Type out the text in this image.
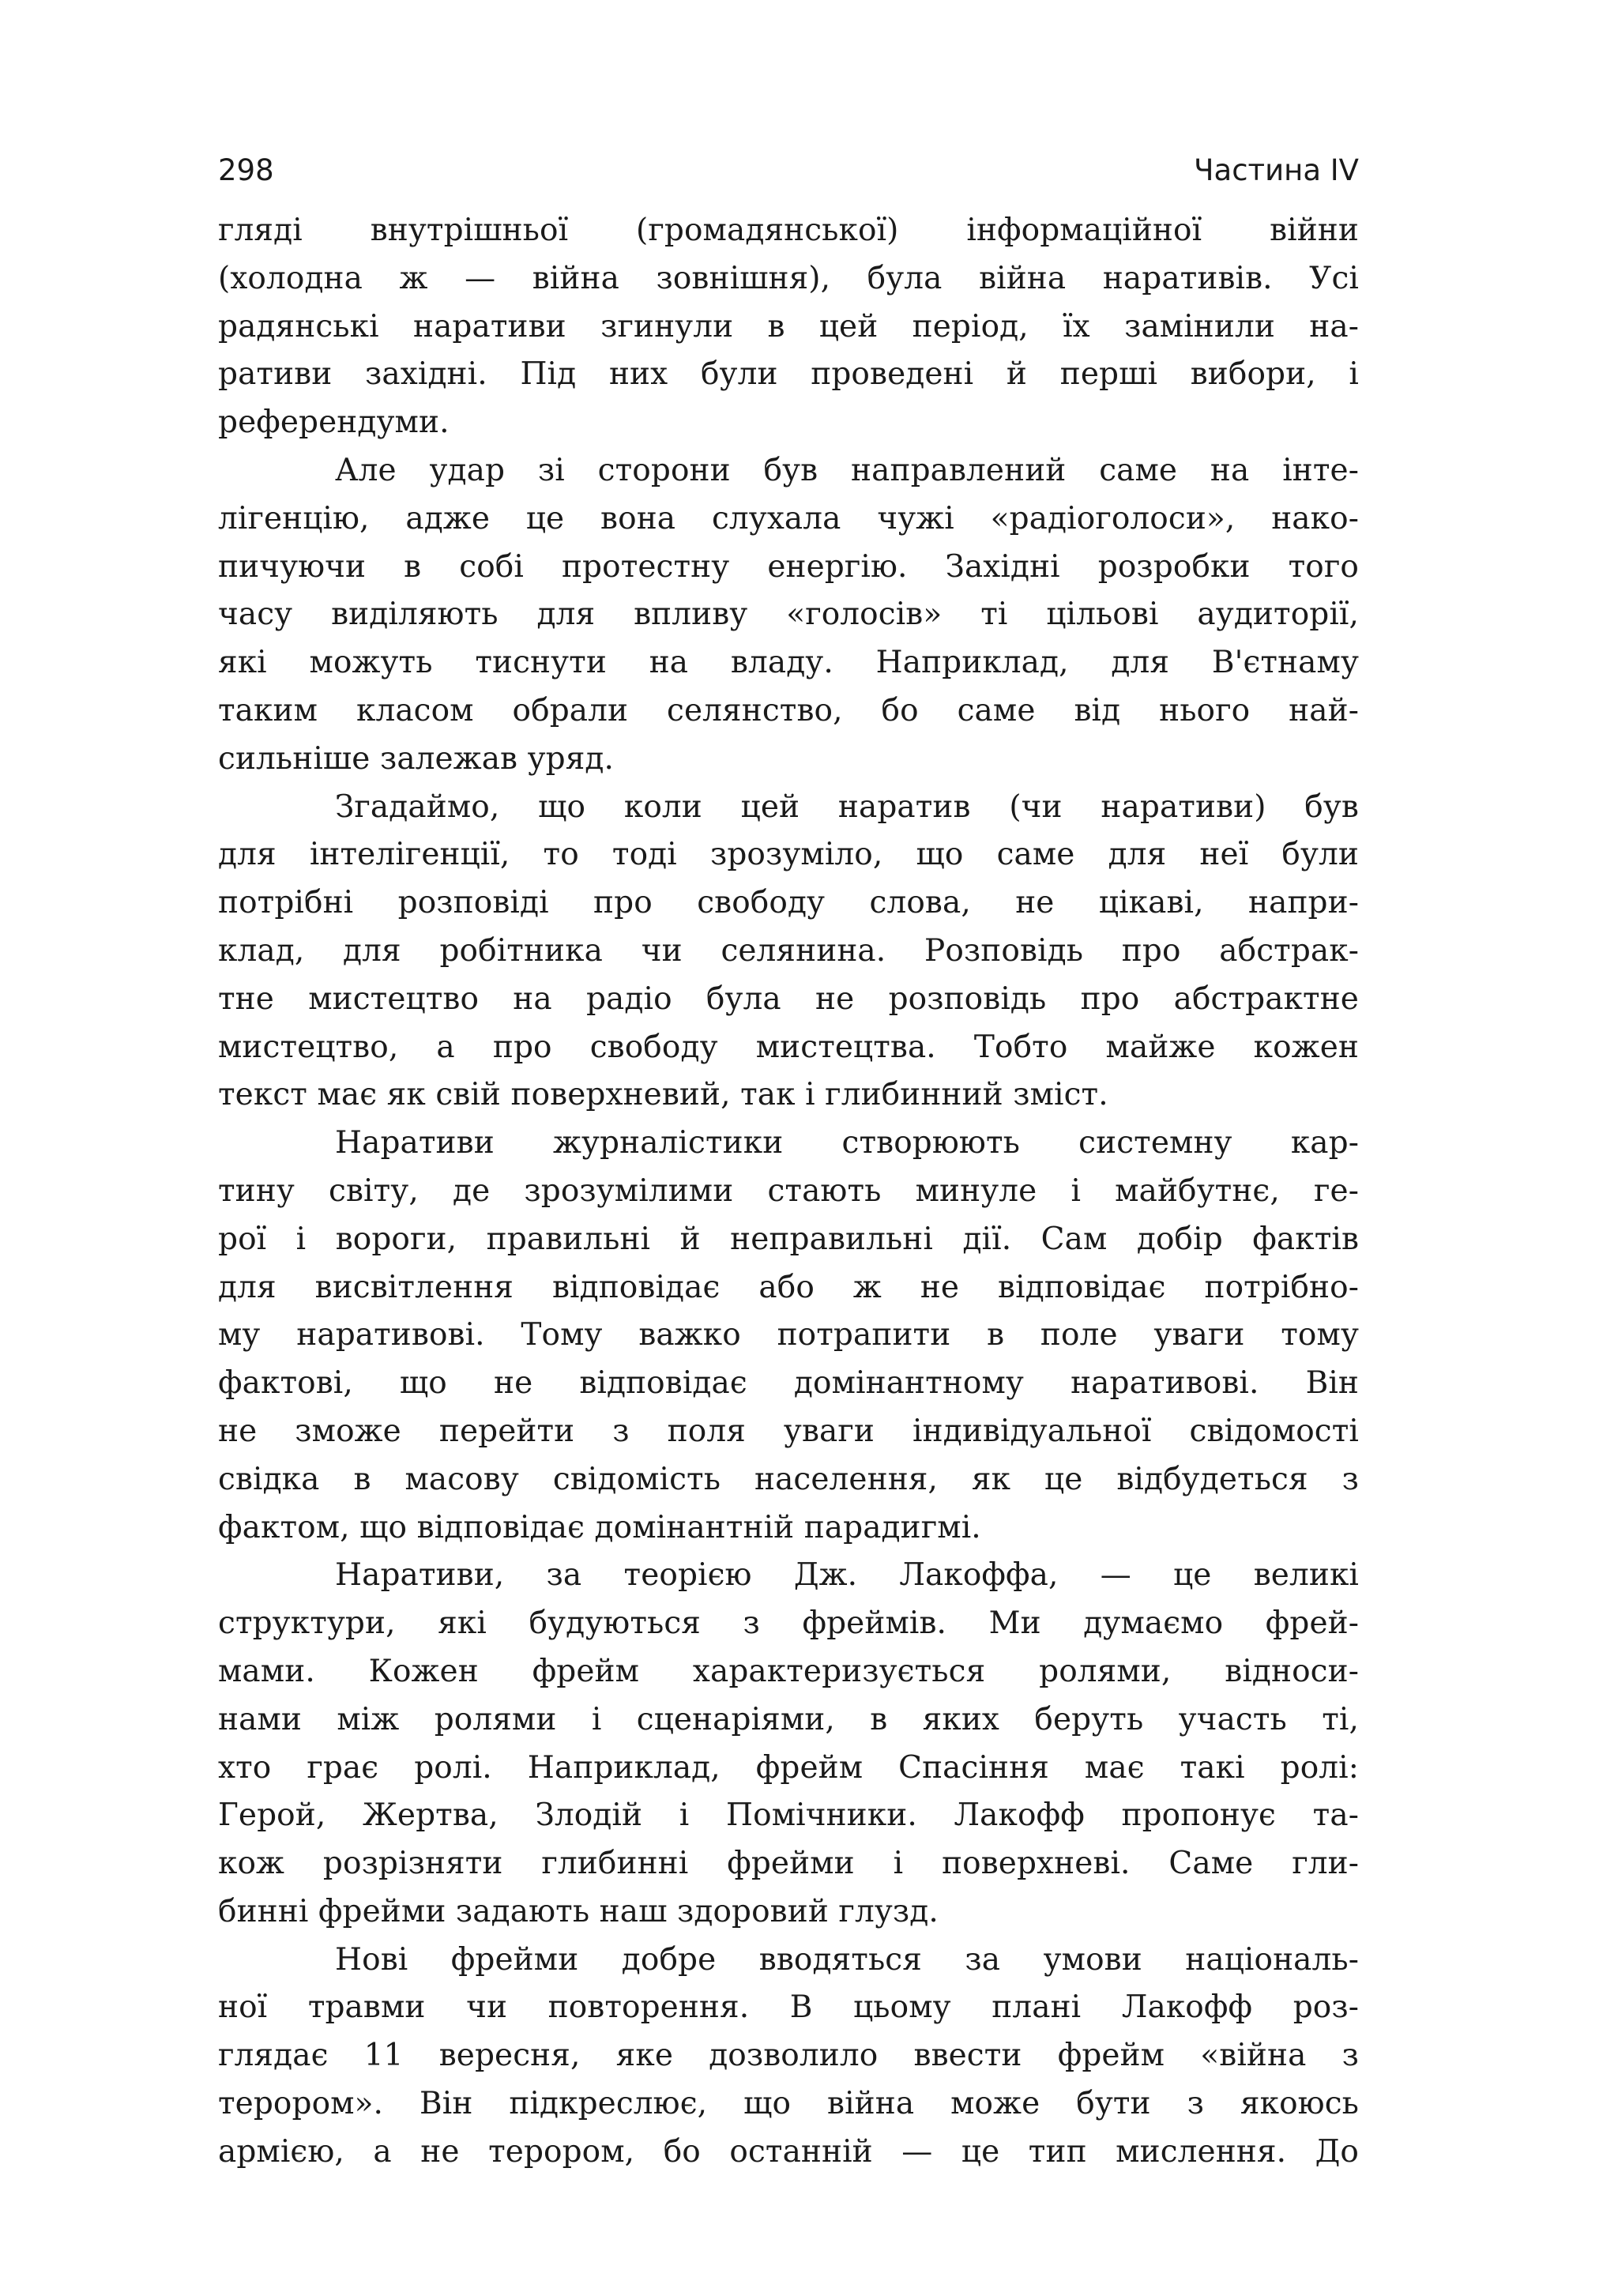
298	Частина IV
гляді внутрішньої (громадянської) інформаційної війни
(холодна ж — війна зовнішня), була війна наративів. Усі
радянські наративи згинули в цей період, їх замінили на-
ративи західні. Під них були проведені й перші вибори, і
референдуми.
Але удар зі сторони був направлений саме на інте-
лігенцію, адже це вона слухала чужі «радіоголоси», нако-
пичуючи в собі протестну енергію. Західні розробки того
часу виділяють для впливу «голосів» ті цільові аудиторії,
які можуть тиснути на владу. Наприклад, для В'єтнаму
таким класом обрали селянство, бо саме від нього най-
сильніше залежав уряд.
Згадаймо, що коли цей наратив (чи наративи) був
для інтелігенції, то тоді зрозуміло, що саме для неї були
потрібні розповіді про свободу слова, не цікаві, напри-
клад, для робітника чи селянина. Розповідь про абстрак-
тне мистецтво на радіо була не розповідь про абстрактне
мистецтво, а про свободу мистецтва. Тобто майже кожен
текст має як свій поверхневий, так і глибинний зміст.
Наративи журналістики створюють системну кар-
тину світу, де зрозумілими стають минуле і майбутнє, ге-
рої і вороги, правильні й неправильні дії. Сам добір фактів
для висвітлення відповідає або ж не відповідає потрібно-
му наративові. Тому важко потрапити в поле уваги тому
фактові, що не відповідає домінантному наративові. Він
не зможе перейти з поля уваги індивідуальної свідомості
свідка в масову свідомість населення, як це відбудеться з
фактом, що відповідає домінантній парадигмі.
Наративи, за теорією Дж. Лакоффа, — це великі
структури, які будуються з фреймів. Ми думаємо фрей-
мами. Кожен фрейм характеризується ролями, відноси-
нами між ролями і сценаріями, в яких беруть участь ті,
хто грає ролі. Наприклад, фрейм Спасіння має такі ролі:
Герой, Жертва, Злодій і Помічники. Лакофф пропонує та-
кож розрізняти глибинні фрейми і поверхневі. Саме гли-
бинні фрейми задають наш здоровий глузд.
Нові фрейми добре вводяться за умови національ-
ної травми чи повторення. В цьому плані Лакофф роз-
глядає 11 вересня, яке дозволило ввести фрейм «війна з
терором». Він підкреслює, що війна може бути з якоюсь
армією, а не терором, бо останній — це тип мислення. До
